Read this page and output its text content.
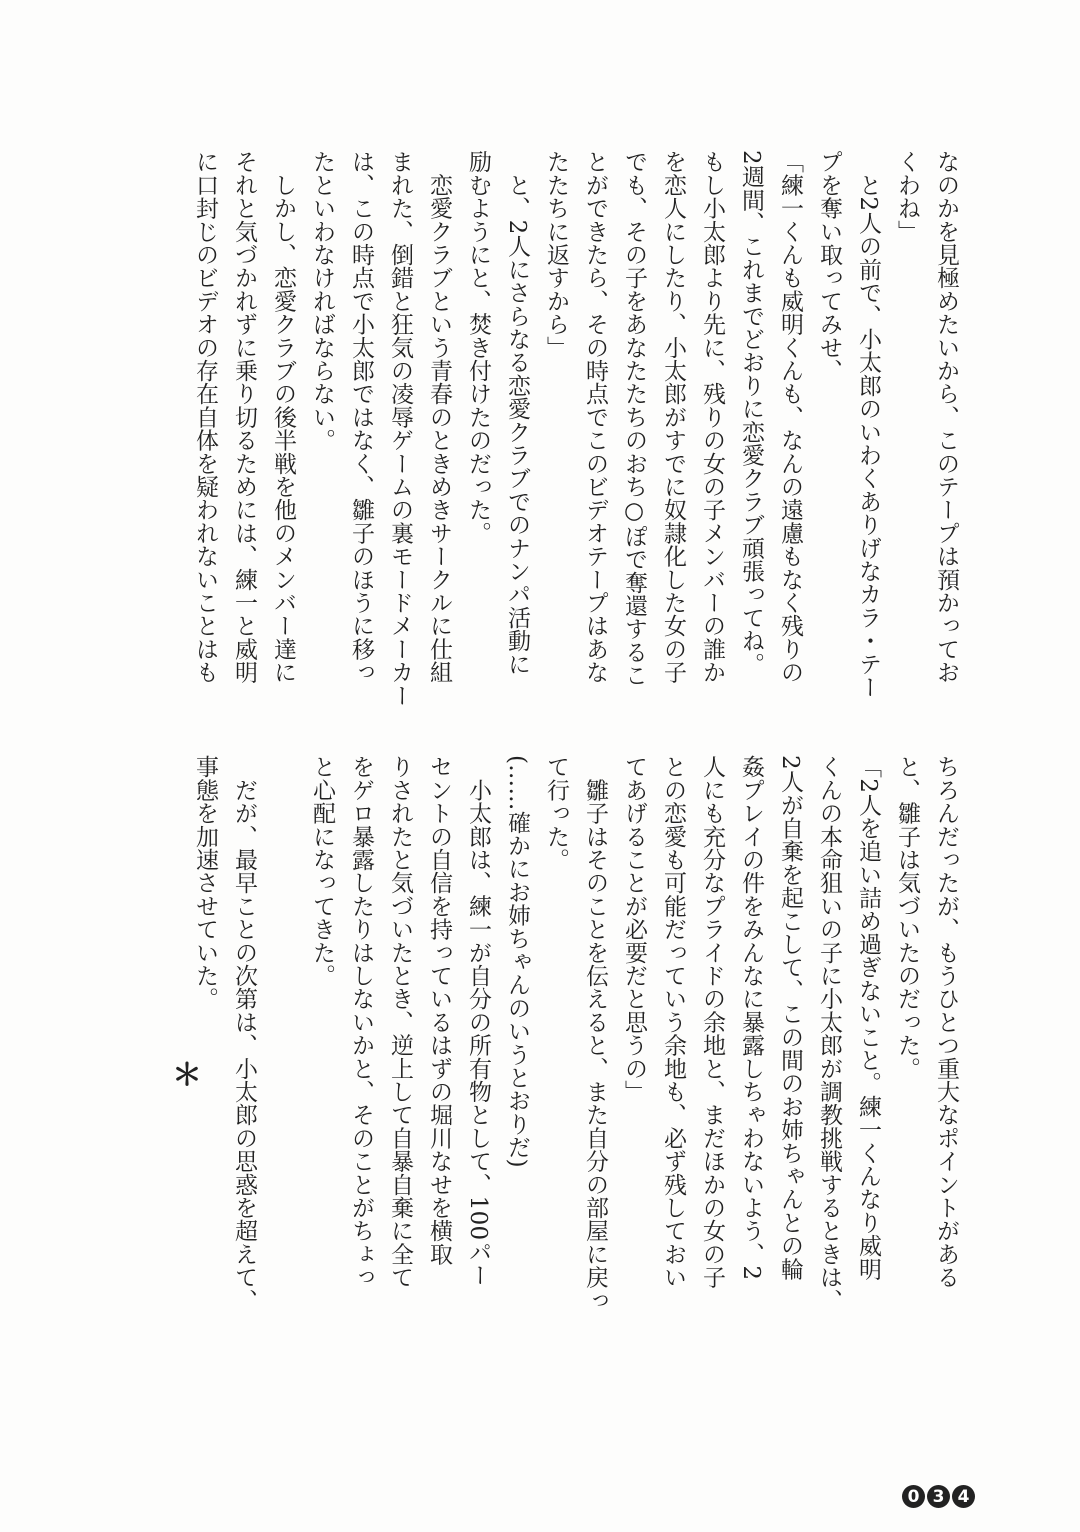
なのかを見極めたいから、このテープは預かってお
くわね」
　と2人の前で、小太郎のいわくありげなカラ・テー
プを奪い取ってみせ、
「練一くんも威明くんも、なんの遠慮もなく残りの
2週間、これまでどおりに恋愛クラブ頑張ってね。
もし小太郎より先に、残りの女の子メンバーの誰か
を恋人にしたり、小太郎がすでに奴隷化した女の子
でも、その子をあなたたちのおち○ぽで奪還するこ
とができたら、その時点でこのビデオテープはあな
たたちに返すから」
　と、2人にさらなる恋愛クラブでのナンパ活動に
励むようにと、焚き付けたのだった。
　恋愛クラブという青春のときめきサークルに仕組
まれた、倒錯と狂気の凌辱ゲームの裏モードメーカー
は、この時点で小太郎ではなく、雛子のほうに移っ
たといわなければならない。
　しかし、恋愛クラブの後半戦を他のメンバー達に
それと気づかれずに乗り切るためには、練一と威明
に口封じのビデオの存在自体を疑われないことはも
ちろんだったが、もうひとつ重大なポイントがある
と、雛子は気づいたのだった。
「2人を追い詰め過ぎないこと。練一くんなり威明
くんの本命狙いの子に小太郎が調教挑戦するときは、
2人が自棄を起こして、この間のお姉ちゃんとの輪
姦プレイの件をみんなに暴露しちゃわないよう、2
人にも充分なプライドの余地と、まだほかの女の子
との恋愛も可能だっていう余地も、必ず残しておい
てあげることが必要だと思うの」
　雛子はそのことを伝えると、また自分の部屋に戻っ
て行った。
(……確かにお姉ちゃんのいうとおりだ)
　小太郎は、練一が自分の所有物として、100パー
セントの自信を持っているはずの堀川なせを横取
りされたと気づいたとき、逆上して自暴自棄に全て
をゲロ暴露したりはしないかと、そのことがちょっ
と心配になってきた。
　だが、最早ことの次第は、小太郎の思惑を超えて、
事態を加速させていた。
＊
0 3 4
